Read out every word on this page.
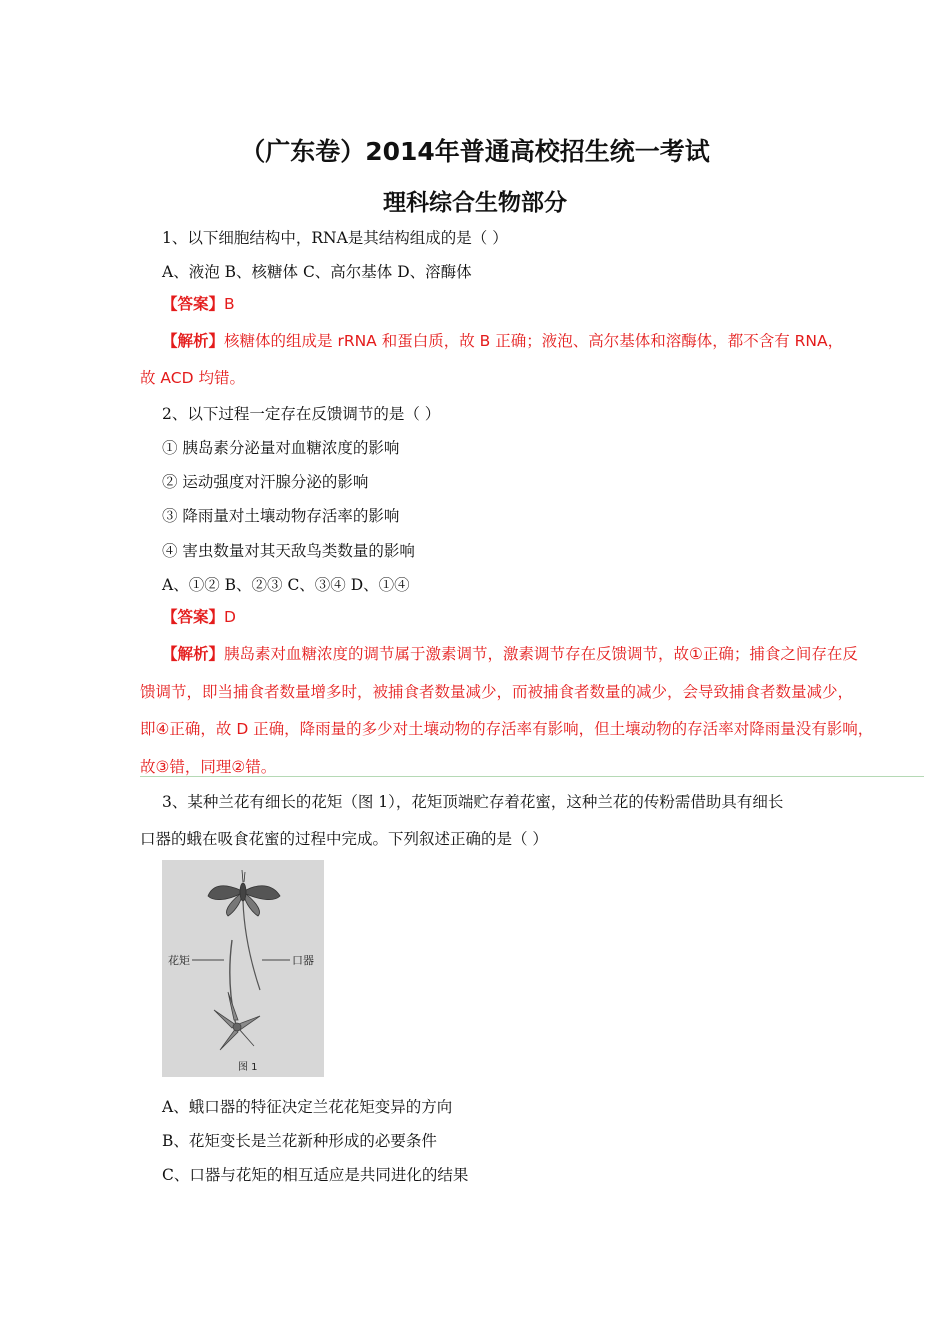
（广东卷）2014年普通高校招生统一考试
理科综合生物部分
1、以下细胞结构中，RNA是其结构组成的是（ ）
A、液泡 B、核糖体 C、高尔基体 D、溶酶体
【答案】B
【解析】核糖体的组成是 rRNA 和蛋白质，故 B 正确；液泡、高尔基体和溶酶体，都不含有 RNA，
故 ACD 均错。
2、以下过程一定存在反馈调节的是（ ）
① 胰岛素分泌量对血糖浓度的影响
② 运动强度对汗腺分泌的影响
③ 降雨量对土壤动物存活率的影响
④ 害虫数量对其天敌鸟类数量的影响
A、①② B、②③ C、③④ D、①④
【答案】D
【解析】胰岛素对血糖浓度的调节属于激素调节，激素调节存在反馈调节，故①正确；捕食之间存在反
馈调节，即当捕食者数量增多时，被捕食者数量减少，而被捕食者数量的减少，会导致捕食者数量减少，
即④正确，故 D 正确，降雨量的多少对土壤动物的存活率有影响，但土壤动物的存活率对降雨量没有影响，
故③错，同理②错。
3、某种兰花有细长的花矩（图 1），花矩顶端贮存着花蜜，这种兰花的传粉需借助具有细长
口器的蛾在吸食花蜜的过程中完成。下列叙述正确的是（ ）
花矩	口器
图 1
A、蛾口器的特征决定兰花花矩变异的方向
B、花矩变长是兰花新种形成的必要条件
C、口器与花矩的相互适应是共同进化的结果
